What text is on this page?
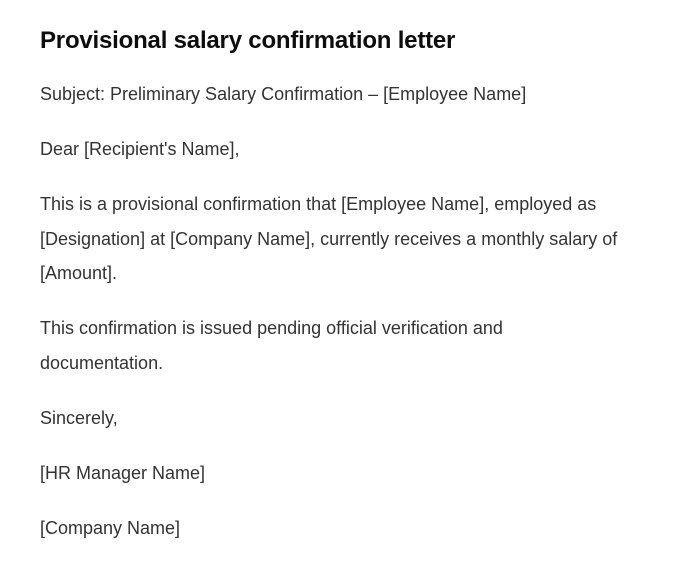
Provisional salary confirmation letter

Subject: Preliminary Salary Confirmation – [Employee Name]

Dear [Recipient's Name],

This is a provisional confirmation that [Employee Name], employed as [Designation] at [Company Name], currently receives a monthly salary of [Amount].

This confirmation is issued pending official verification and documentation.

Sincerely,

[HR Manager Name]

[Company Name]
